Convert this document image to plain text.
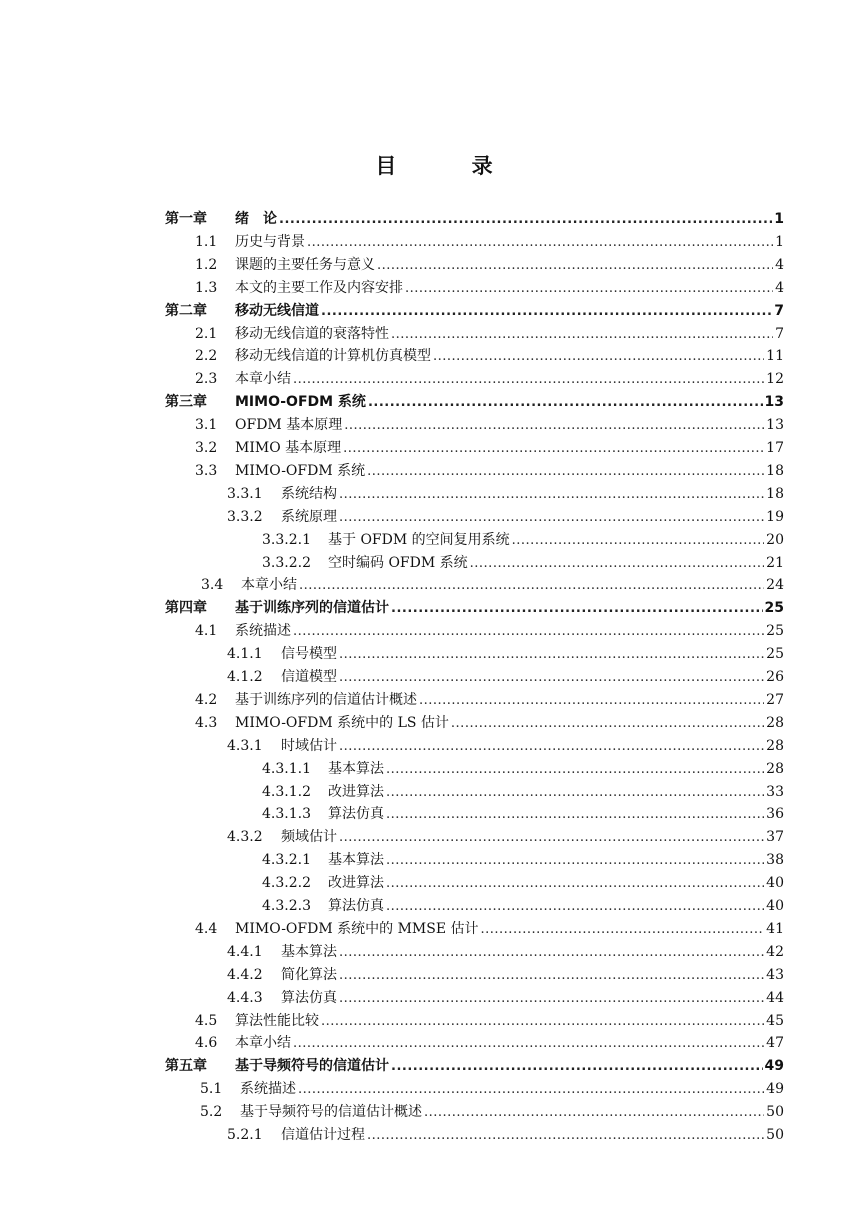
目 录
第一章	绪　论 .....	1
1.1	历史与背景 .....	1
1.2	课题的主要任务与意义 .....	4
1.3	本文的主要工作及内容安排 .....	4
第二章	移动无线信道 .....	7
2.1	移动无线信道的衰落特性 .....	7
2.2	移动无线信道的计算机仿真模型 .....	11
2.3	本章小结 .....	12
第三章	MIMO-OFDM 系统 .....	13
3.1	OFDM 基本原理 .....	13
3.2	MIMO 基本原理 .....	17
3.3	MIMO-OFDM 系统 .....	18
3.3.1	系统结构 .....	18
3.3.2	系统原理 .....	19
3.3.2.1	基于 OFDM 的空间复用系统 .....	20
3.3.2.2	空时编码 OFDM 系统 .....	21
3.4	本章小结 .....	24
第四章	基于训练序列的信道估计 .....	25
4.1	系统描述 .....	25
4.1.1	信号模型 .....	25
4.1.2	信道模型 .....	26
4.2	基于训练序列的信道估计概述 .....	27
4.3	MIMO-OFDM 系统中的 LS 估计 .....	28
4.3.1	时域估计 .....	28
4.3.1.1	基本算法 .....	28
4.3.1.2	改进算法 .....	33
4.3.1.3	算法仿真 .....	36
4.3.2	频域估计 .....	37
4.3.2.1	基本算法 .....	38
4.3.2.2	改进算法 .....	40
4.3.2.3	算法仿真 .....	40
4.4	MIMO-OFDM 系统中的 MMSE 估计 .....	41
4.4.1	基本算法 .....	42
4.4.2	简化算法 .....	43
4.4.3	算法仿真 .....	44
4.5	算法性能比较 .....	45
4.6	本章小结 .....	47
第五章	基于导频符号的信道估计 .....	49
5.1	系统描述 .....	49
5.2	基于导频符号的信道估计概述 .....	50
5.2.1	信道估计过程 .....	50
